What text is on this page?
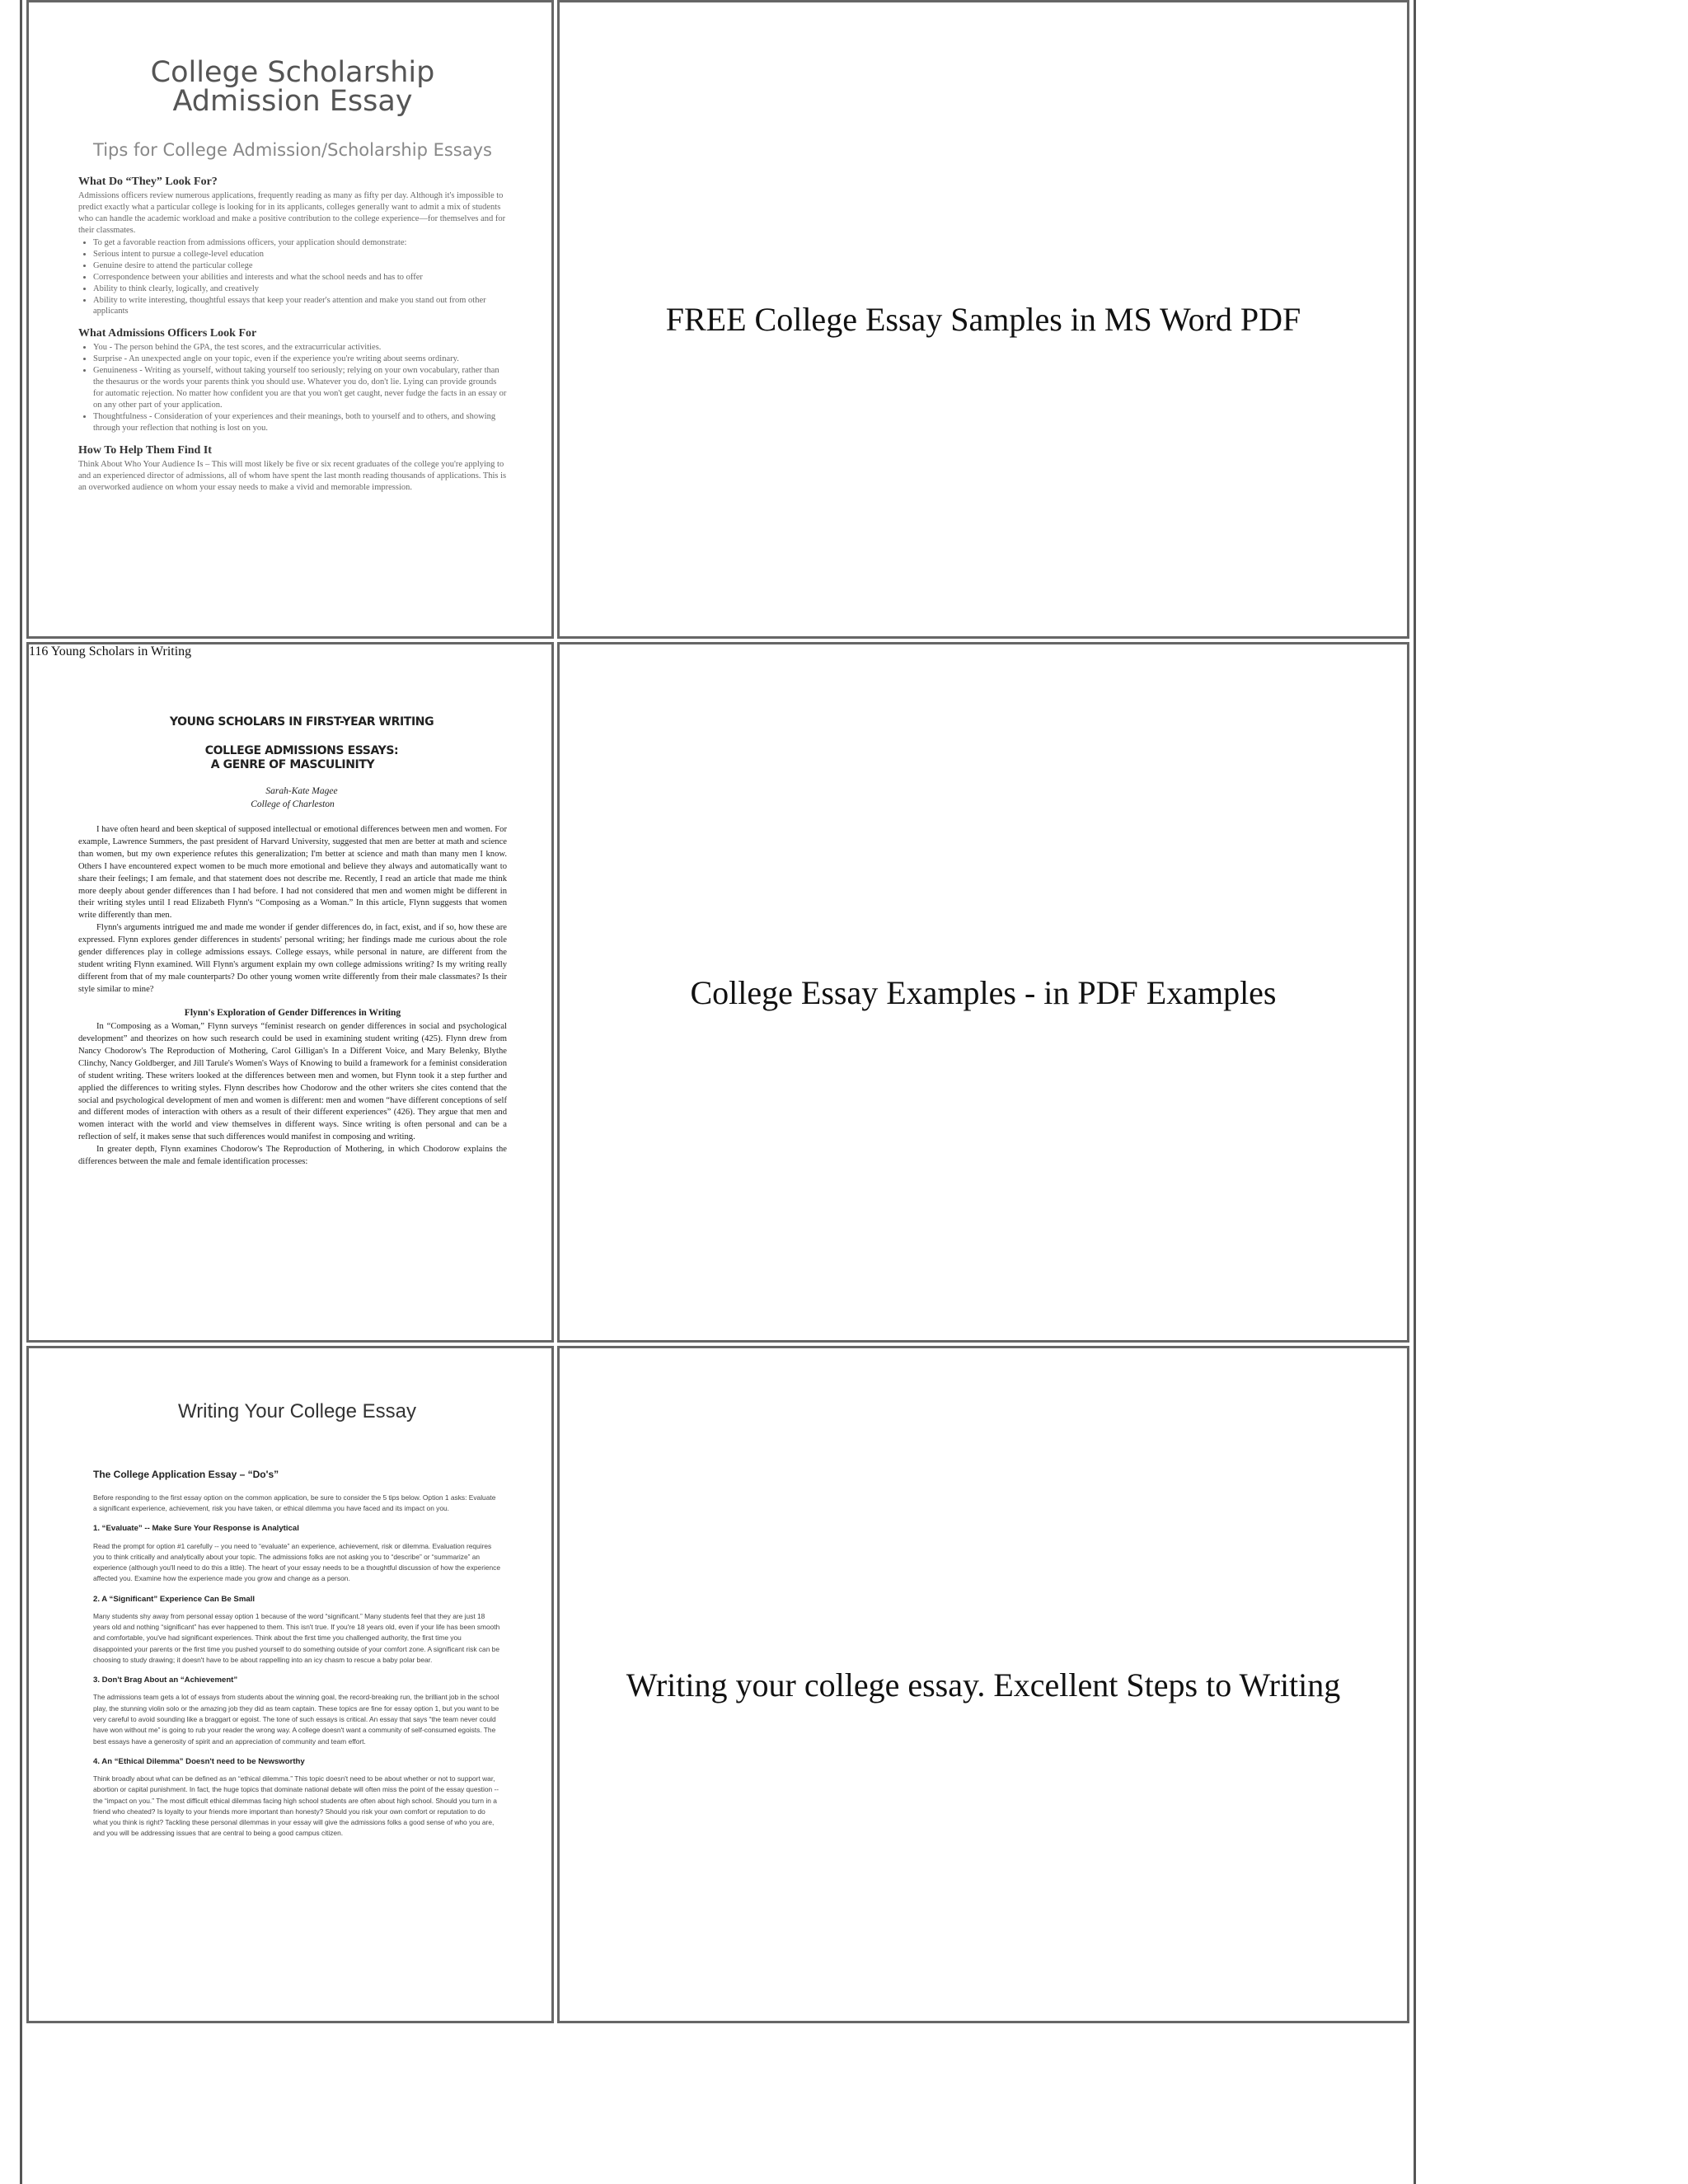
College Scholarship

Admission Essay

Tips for College Admission/Scholarship Essays

What Do “They” Look For?

Admissions officers review numerous applications, frequently reading as many as fifty per day. Although it's impossible to predict exactly what a particular college is looking for in its applicants, colleges generally want to admit a mix of students who can handle the academic workload and make a positive contribution to the college experience—for themselves and for their classmates.

• To get a favorable reaction from admissions officers, your application should demonstrate:
• Serious intent to pursue a college-level education
• Genuine desire to attend the particular college
• Correspondence between your abilities and interests and what the school needs and has to offer
• Ability to think clearly, logically, and creatively
• Ability to write interesting, thoughtful essays that keep your reader's attention and make you stand out from other applicants
What Admissions Officers Look For
• You - The person behind the GPA, the test scores, and the extracurricular activities.
• Surprise - An unexpected angle on your topic, even if the experience you're writing about seems ordinary.
• Genuineness - Writing as yourself, without taking yourself too seriously; relying on your own vocabulary, rather than the thesaurus or the words your parents think you should use. Whatever you do, don't lie. Lying can provide grounds for automatic rejection. No matter how confident you are that you won't get caught, never fudge the facts in an essay or on any other part of your application.
• Thoughtfulness - Consideration of your experiences and their meanings, both to yourself and to others, and showing through your reflection that nothing is lost on you.
How To Help Them Find It

Think About Who Your Audience Is – This will most likely be five or six recent graduates of the college you're applying to and an experienced director of admissions, all of whom have spent the last month reading thousands of applications. This is an overworked audience on whom your essay needs to make a vivid and memorable impression.

FREE College Essay Samples in MS Word PDF

YOUNG SCHOLARS IN FIRST-YEAR WRITING

COLLEGE ADMISSIONS ESSAYS:
A GENRE OF MASCULINITY

Sarah-Kate Magee
College of Charleston

I have often heard and been skeptical of supposed intellectual or emotional differences between men and women. For example, Lawrence Summers, the past president of Harvard University, suggested that men are better at math and science than women, but my own experience refutes this generalization; I'm better at science and math than many men I know. Others I have encountered expect women to be much more emotional and believe they always and automatically want to share their feelings; I am female, and that statement does not describe me. Recently, I read an article that made me think more deeply about gender differences than I had before. I had not considered that men and women might be different in their writing styles until I read Elizabeth Flynn's “Composing as a Woman.” In this article, Flynn suggests that women write differently than men.

Flynn's arguments intrigued me and made me wonder if gender differences do, in fact, exist, and if so, how these are expressed. Flynn explores gender differences in students' personal writing; her findings made me curious about the role gender differences play in college admissions essays. College essays, while personal in nature, are different from the student writing Flynn examined. Will Flynn's argument explain my own college admissions writing? Is my writing really different from that of my male counterparts? Do other young women write differently from their male classmates? Is their style similar to mine?

Flynn's Exploration of Gender Differences in Writing

In “Composing as a Woman,” Flynn surveys “feminist research on gender differences in social and psychological development” and theorizes on how such research could be used in examining student writing (425). Flynn drew from Nancy Chodorow's The Reproduction of Mothering, Carol Gilligan's In a Different Voice, and Mary Belenky, Blythe Clinchy, Nancy Goldberger, and Jill Tarule's Women's Ways of Knowing to build a framework for a feminist consideration of student writing. These writers looked at the differences between men and women, but Flynn took it a step further and applied the differences to writing styles. Flynn describes how Chodorow and the other writers she cites contend that the social and psychological development of men and women is different: men and women “have different conceptions of self and different modes of interaction with others as a result of their different experiences” (426). They argue that men and women interact with the world and view themselves in different ways. Since writing is often personal and can be a reflection of self, it makes sense that such differences would manifest in composing and writing.

In greater depth, Flynn examines Chodorow's The Reproduction of Mothering, in which Chodorow explains the differences between the male and female identification processes:

116 Young Scholars in Writing
College Essay Examples - in PDF Examples

Writing Your College Essay

The College Application Essay – “Do's”

Before responding to the first essay option on the common application, be sure to consider the 5 tips below. Option 1 asks: Evaluate a significant experience, achievement, risk you have taken, or ethical dilemma you have faced and its impact on you.

1. “Evaluate” -- Make Sure Your Response is Analytical

Read the prompt for option #1 carefully -- you need to “evaluate” an experience, achievement, risk or dilemma. Evaluation requires you to think critically and analytically about your topic. The admissions folks are not asking you to “describe” or “summarize” an experience (although you'll need to do this a little). The heart of your essay needs to be a thoughtful discussion of how the experience affected you. Examine how the experience made you grow and change as a person.

2. A “Significant” Experience Can Be Small

Many students shy away from personal essay option 1 because of the word “significant.” Many students feel that they are just 18 years old and nothing “significant” has ever happened to them. This isn't true. If you're 18 years old, even if your life has been smooth and comfortable, you've had significant experiences. Think about the first time you challenged authority, the first time you disappointed your parents or the first time you pushed yourself to do something outside of your comfort zone. A significant risk can be choosing to study drawing; it doesn't have to be about rappelling into an icy chasm to rescue a baby polar bear.

3. Don't Brag About an “Achievement”

The admissions team gets a lot of essays from students about the winning goal, the record-breaking run, the brilliant job in the school play, the stunning violin solo or the amazing job they did as team captain. These topics are fine for essay option 1, but you want to be very careful to avoid sounding like a braggart or egoist. The tone of such essays is critical. An essay that says “the team never could have won without me” is going to rub your reader the wrong way. A college doesn't want a community of self-consumed egoists. The best essays have a generosity of spirit and an appreciation of community and team effort.

4. An “Ethical Dilemma” Doesn't need to be Newsworthy

Think broadly about what can be defined as an “ethical dilemma.” This topic doesn't need to be about whether or not to support war, abortion or capital punishment. In fact, the huge topics that dominate national debate will often miss the point of the essay question -- the “impact on you.” The most difficult ethical dilemmas facing high school students are often about high school. Should you turn in a friend who cheated? Is loyalty to your friends more important than honesty? Should you risk your own comfort or reputation to do what you think is right? Tackling these personal dilemmas in your essay will give the admissions folks a good sense of who you are, and you will be addressing issues that are central to being a good campus citizen.

Writing your college essay. Excellent Steps to Writing
